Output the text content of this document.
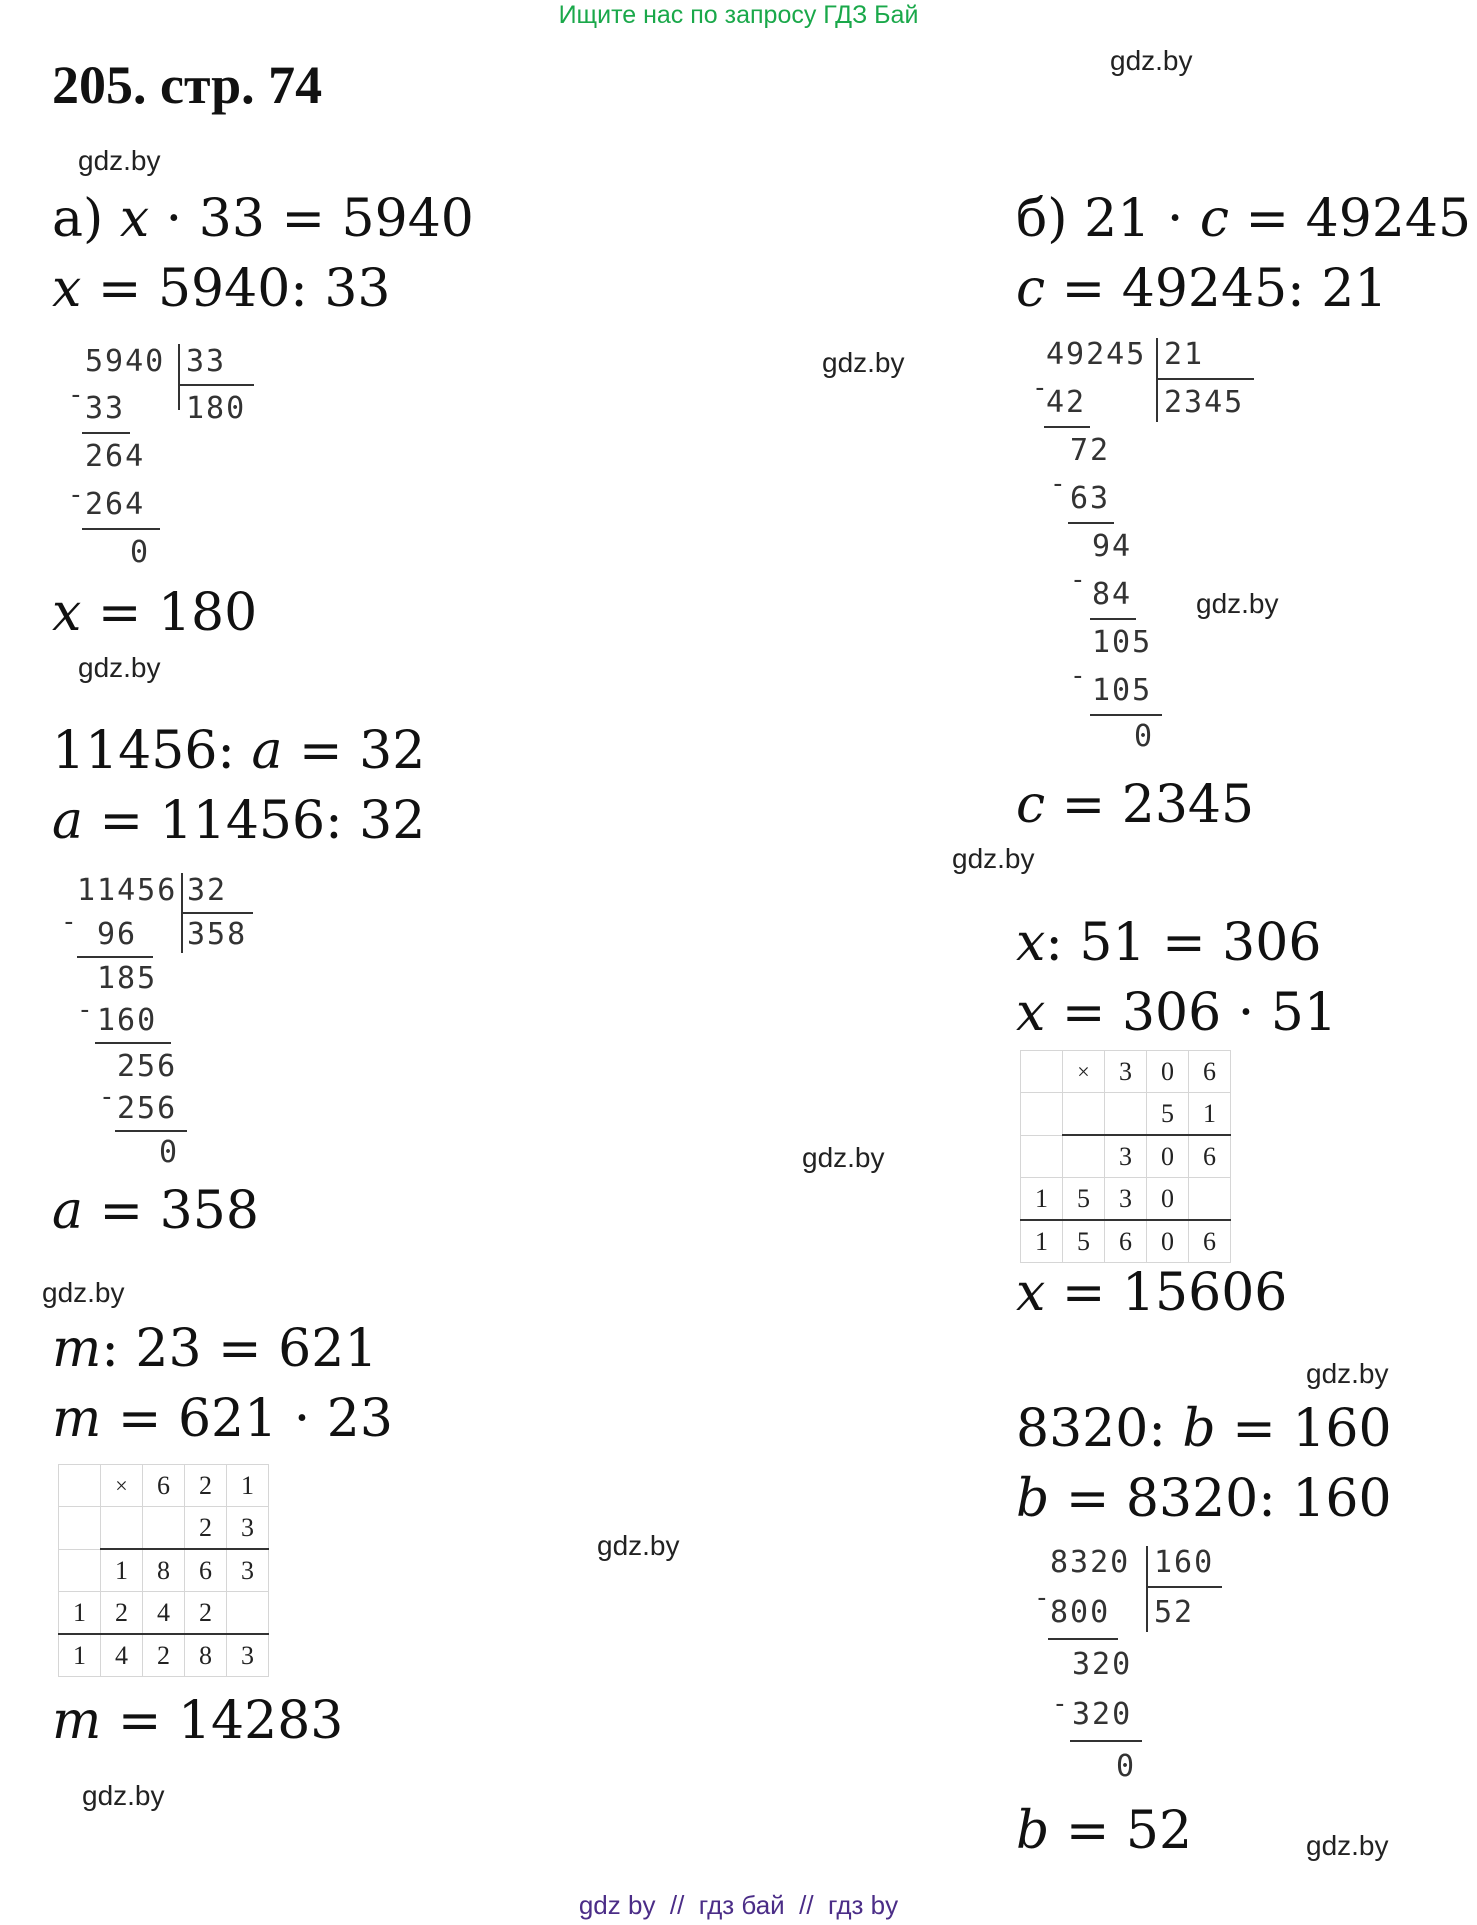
Ищите нас по запросу ГДЗ Бай
205. стр. 74	gdz.by
gdz.by
gdz.by
gdz.by
gdz.by
gdz.by
gdz.by
gdz.by
gdz.by
gdz.by
gdz.by
gdz.by
а) x · 33 = 5940
x = 5940: 33
5940 33
180
- 33
264
- 264
0
x = 180
11456: a = 32
a = 11456: 32
11456 32
358
- 96
185
- 160
256
- 256
0
a = 358
m: 23 = 621
m = 621 · 23
	×	6	2	1
			2	3
	1	8	6	3
1	2	4	2	
1	4	2	8	3
m = 14283
б) 21 · c = 49245
c = 49245: 21
49245 21
2345
-
42
72
- 63
94
- 84
105
- 105
0
c = 2345
x: 51 = 306
x = 306 · 51
	×	3	0	6
			5	1
		3	0	6
1	5	3	0	
1	5	6	0	6
x = 15606
8320: b = 160
b = 8320: 160
8320 160
52
-
800
320
- 320
0
b = 52
gdz by  //  гдз бай  //  гдз by
